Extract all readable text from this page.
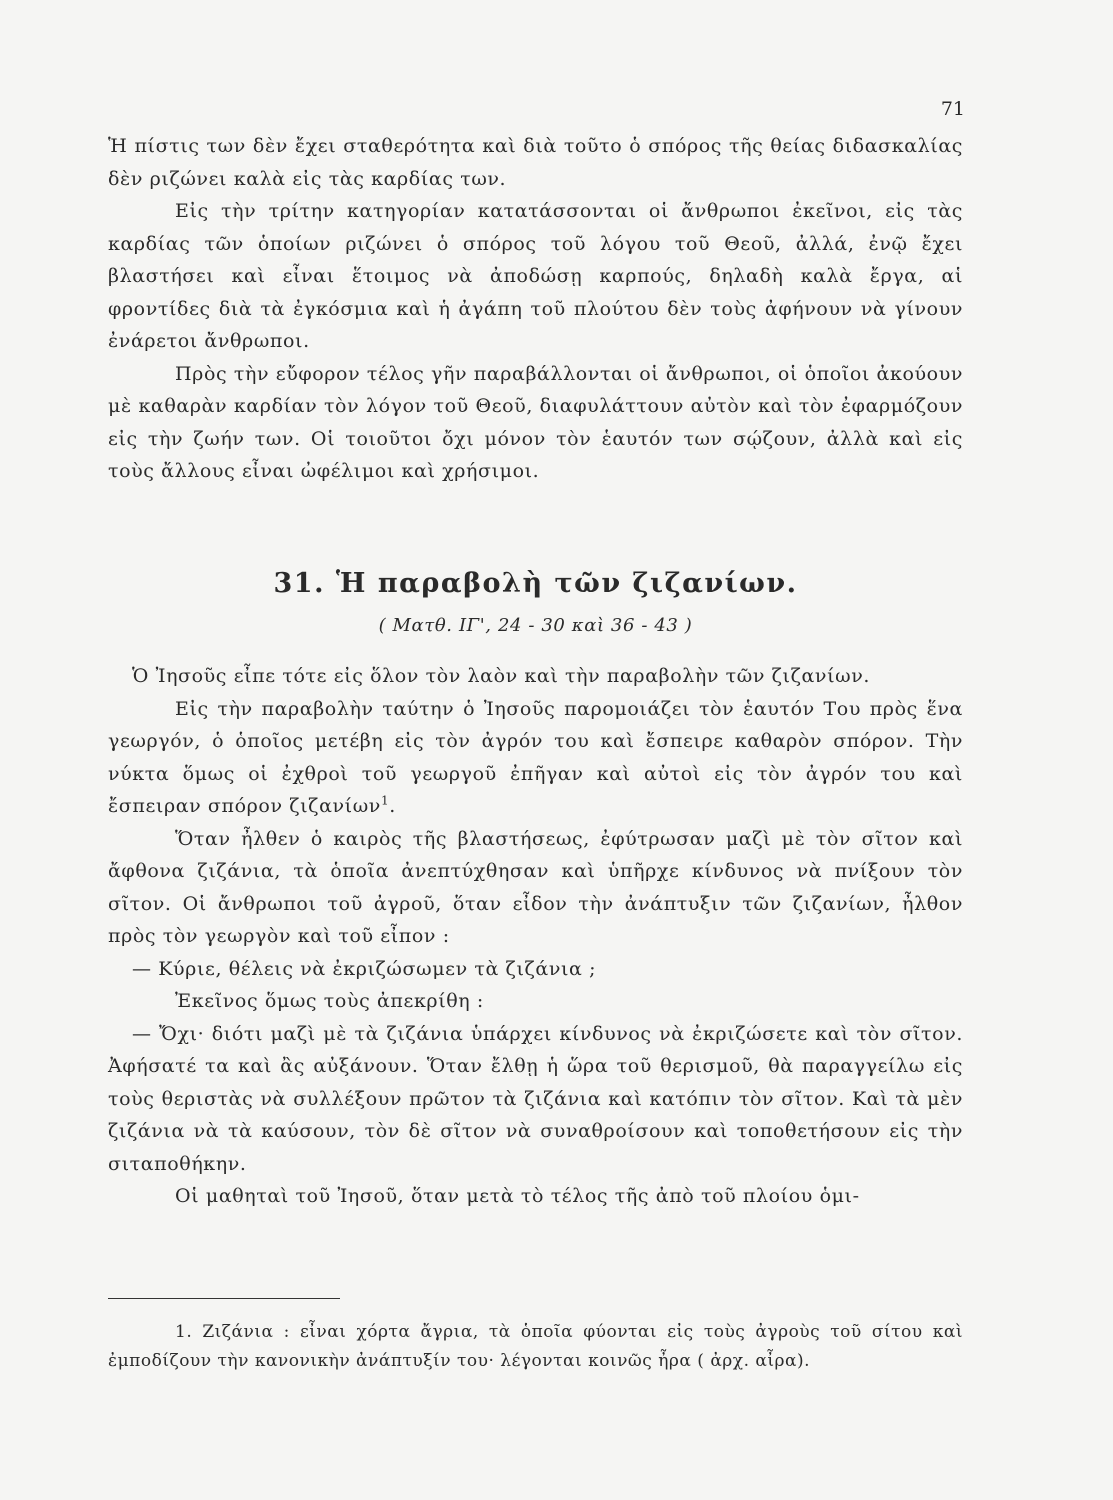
71

Ἡ πίστις των δὲν ἔχει σταθερότητα καὶ διὰ τοῦτο ὁ σπόρος τῆς θείας διδασκαλίας δὲν ριζώνει καλὰ εἰς τὰς καρδίας των.

Εἰς τὴν τρίτην κατηγορίαν κατατάσσονται οἱ ἄνθρωποι ἐκεῖνοι, εἰς τὰς καρδίας τῶν ὁποίων ριζώνει ὁ σπόρος τοῦ λόγου τοῦ Θεοῦ, ἀλλά, ἐνῷ ἔχει βλαστήσει καὶ εἶναι ἕτοιμος νὰ ἀποδώσῃ καρπούς, δηλαδὴ καλὰ ἔργα, αἱ φροντίδες διὰ τὰ ἐγκόσμια καὶ ἡ ἀγάπη τοῦ πλούτου δὲν τοὺς ἀφήνουν νὰ γίνουν ἐνάρετοι ἄνθρωποι.

Πρὸς τὴν εὔφορον τέλος γῆν παραβάλλονται οἱ ἄνθρωποι, οἱ ὁποῖοι ἀκούουν μὲ καθαρὰν καρδίαν τὸν λόγον τοῦ Θεοῦ, διαφυλάττουν αὐτὸν καὶ τὸν ἐφαρμόζουν εἰς τὴν ζωήν των. Οἱ τοιοῦτοι ὄχι μόνον τὸν ἑαυτόν των σῴζουν, ἀλλὰ καὶ εἰς τοὺς ἄλλους εἶναι ὠφέλιμοι καὶ χρήσιμοι.

31. Ἡ παραβολὴ τῶν ζιζανίων.
( Ματθ. ΙΓ', 24 - 30 καὶ 36 - 43 )

Ὁ Ἰησοῦς εἶπε τότε εἰς ὅλον τὸν λαὸν καὶ τὴν παραβολὴν τῶν ζιζανίων.

Εἰς τὴν παραβολὴν ταύτην ὁ Ἰησοῦς παρομοιάζει τὸν ἑαυτόν Του πρὸς ἕνα γεωργόν, ὁ ὁποῖος μετέβη εἰς τὸν ἀγρόν του καὶ ἔσπειρε καθαρὸν σπόρον. Τὴν νύκτα ὅμως οἱ ἐχθροὶ τοῦ γεωργοῦ ἐπῆγαν καὶ αὐτοὶ εἰς τὸν ἀγρόν του καὶ ἔσπειραν σπόρον ζιζανίων$^1$.

Ὅταν ἦλθεν ὁ καιρὸς τῆς βλαστήσεως, ἐφύτρωσαν μαζὶ μὲ τὸν σῖτον καὶ ἄφθονα ζιζάνια, τὰ ὁποῖα ἀνεπτύχθησαν καὶ ὑπῆρχε κίνδυνος νὰ πνίξουν τὸν σῖτον. Οἱ ἄνθρωποι τοῦ ἀγροῦ, ὅταν εἶδον τὴν ἀνάπτυξιν τῶν ζιζανίων, ἦλθον πρὸς τὸν γεωργὸν καὶ τοῦ εἶπον :

— Κύριε, θέλεις νὰ ἐκριζώσωμεν τὰ ζιζάνια ;

Ἐκεῖνος ὅμως τοὺς ἀπεκρίθη :

— Ὄχι· διότι μαζὶ μὲ τὰ ζιζάνια ὑπάρχει κίνδυνος νὰ ἐκριζώσετε καὶ τὸν σῖτον. Ἀφήσατέ τα καὶ ἂς αὐξάνουν. Ὅταν ἔλθῃ ἡ ὥρα τοῦ θερισμοῦ, θὰ παραγγείλω εἰς τοὺς θεριστὰς νὰ συλλέξουν πρῶτον τὰ ζιζάνια καὶ κατόπιν τὸν σῖτον. Καὶ τὰ μὲν ζιζάνια νὰ τὰ καύσουν, τὸν δὲ σῖτον νὰ συναθροίσουν καὶ τοποθετήσουν εἰς τὴν σιταποθήκην.

Οἱ μαθηταὶ τοῦ Ἰησοῦ, ὅταν μετὰ τὸ τέλος τῆς ἀπὸ τοῦ πλοίου ὁμι-

1. Ζιζάνια : εἶναι χόρτα ἄγρια, τὰ ὁποῖα φύονται εἰς τοὺς ἀγροὺς τοῦ σίτου καὶ ἐμποδίζουν τὴν κανονικὴν ἀνάπτυξίν του· λέγονται κοινῶς ἦρα ( ἀρχ. αἶρα).
